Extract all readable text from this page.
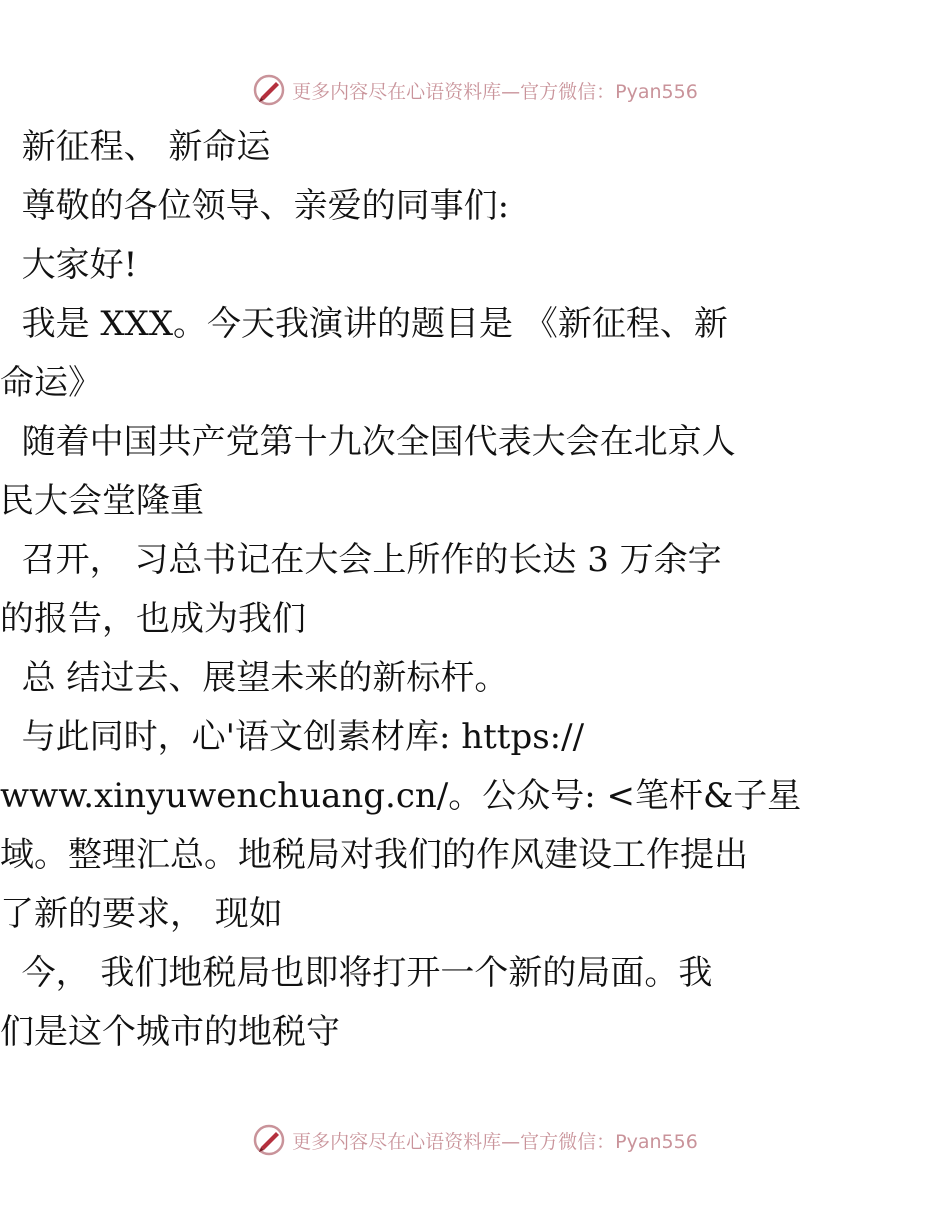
更多内容尽在心语资料库—官方微信：Pyan556
新征程、 新命运
尊敬的各位领导、亲爱的同事们:
大家好!
我是 XXX。今天我演讲的题目是 《新征程、新
命运》
随着中国共产党第十九次全国代表大会在北京人
民大会堂隆重
召开， 习总书记在大会上所作的长达 3 万余字
的报告，也成为我们
总 结过去、展望未来的新标杆。
与此同时，心'语文创素材库: https://
www.xinyuwenchuang.cn/。公众号: <笔杆&子星
域。整理汇总。地税局对我们的作风建设工作提出
了新的要求， 现如
今， 我们地税局也即将打开一个新的局面。我
们是这个城市的地税守
更多内容尽在心语资料库—官方微信：Pyan556
